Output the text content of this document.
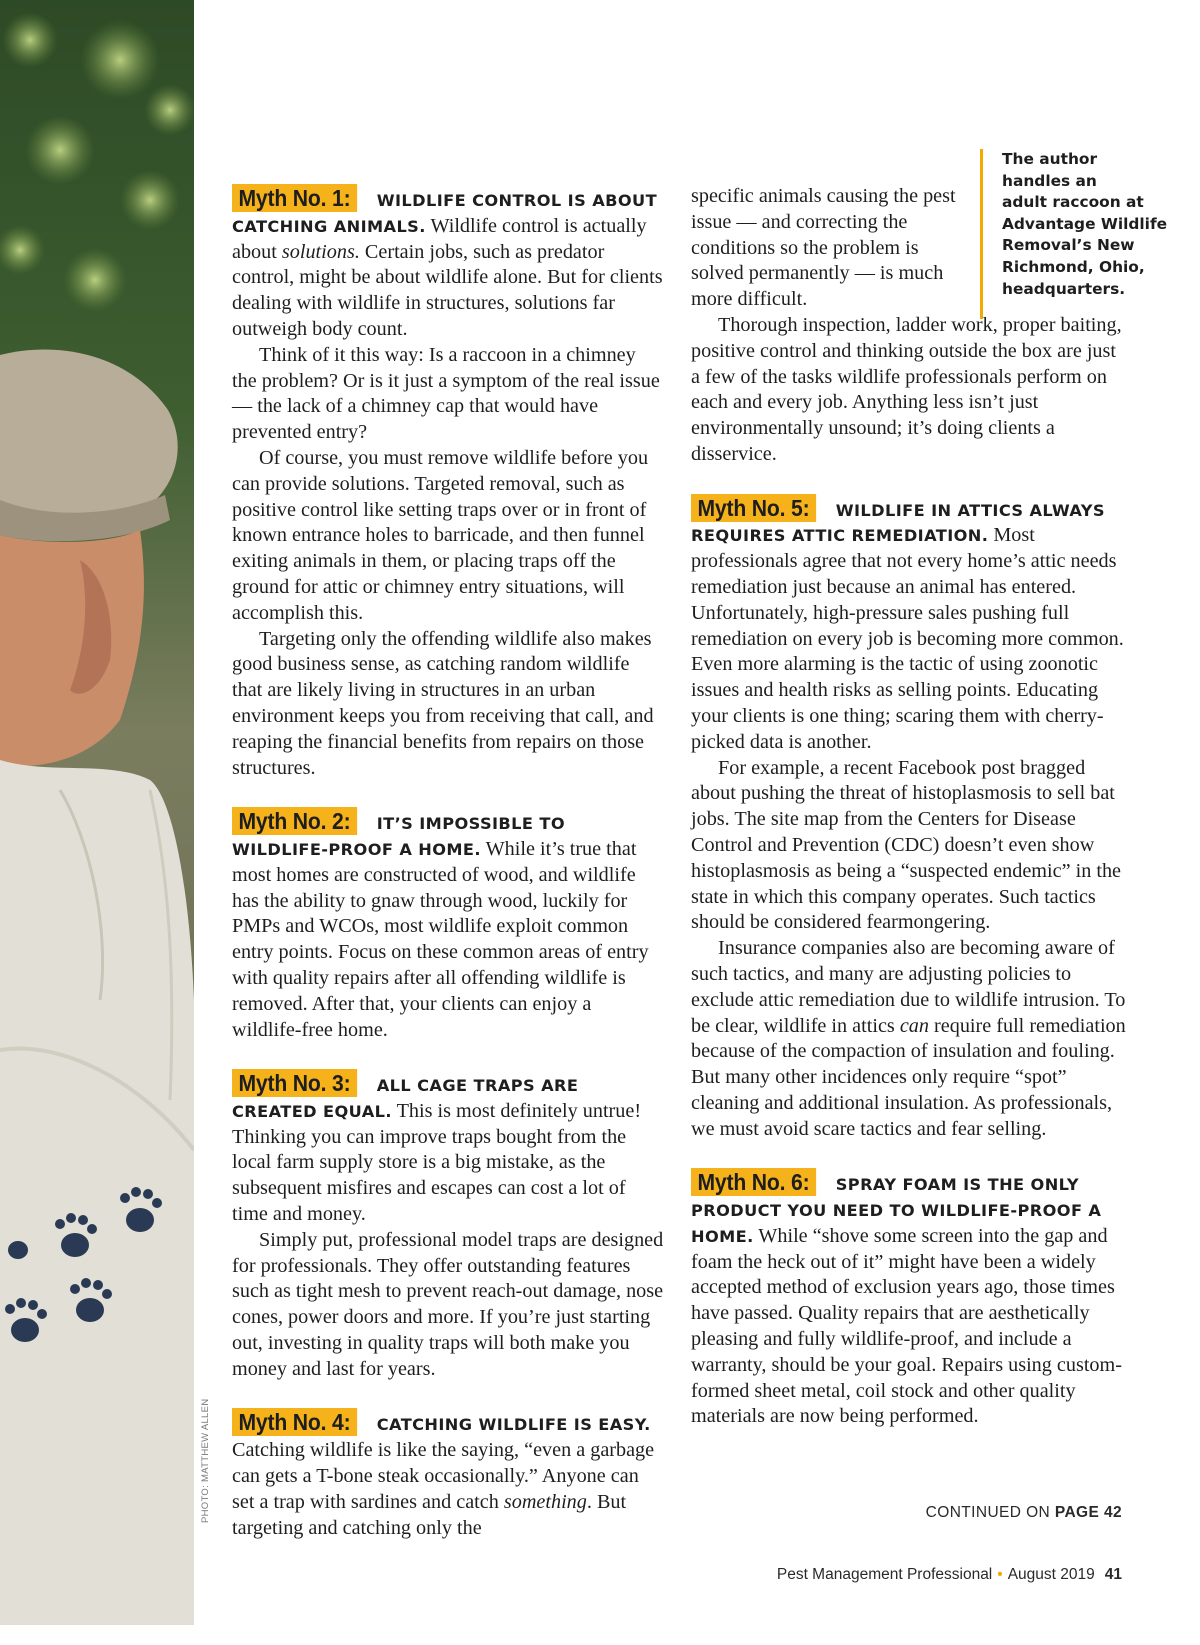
PHOTO: MATTHEW ALLEN

Myth No. 1: WILDLIFE CONTROL IS ABOUT CATCHING ANIMALS. Wildlife control is actually about solutions. Certain jobs, such as predator control, might be about wildlife alone. But for clients dealing with wildlife in structures, solutions far outweigh body count.

Think of it this way: Is a raccoon in a chimney the problem? Or is it just a symptom of the real issue — the lack of a chimney cap that would have prevented entry?

Of course, you must remove wildlife before you can provide solutions. Targeted removal, such as positive control like setting traps over or in front of known entrance holes to barricade, and then funnel exiting animals in them, or placing traps off the ground for attic or chimney entry situations, will accomplish this.

Targeting only the offending wildlife also makes good business sense, as catching random wildlife that are likely living in structures in an urban environment keeps you from receiving that call, and reaping the financial benefits from repairs on those structures.

Myth No. 2: IT’S IMPOSSIBLE TO WILDLIFE-PROOF A HOME. While it’s true that most homes are constructed of wood, and wildlife has the ability to gnaw through wood, luckily for PMPs and WCOs, most wildlife exploit common entry points. Focus on these common areas of entry with quality repairs after all offending wildlife is removed. After that, your clients can enjoy a wildlife-free home.

Myth No. 3: ALL CAGE TRAPS ARE CREATED EQUAL. This is most definitely untrue! Thinking you can improve traps bought from the local farm supply store is a big mistake, as the subsequent misfires and escapes can cost a lot of time and money.

Simply put, professional model traps are designed for professionals. They offer outstanding features such as tight mesh to prevent reach-out damage, nose cones, power doors and more. If you’re just starting out, investing in quality traps will both make you money and last for years.

Myth No. 4: CATCHING WILDLIFE IS EASY. Catching wildlife is like the saying, “even a garbage can gets a T-bone steak occasionally.” Anyone can set a trap with sardines and catch something. But targeting and catching only the

specific animals causing the pest issue — and correcting the conditions so the problem is solved permanently — is much more difficult.

Thorough inspection, ladder work, proper baiting, positive control and thinking outside the box are just a few of the tasks wildlife professionals perform on each and every job. Anything less isn’t just environmentally unsound; it’s doing clients a disservice.

Myth No. 5: WILDLIFE IN ATTICS ALWAYS REQUIRES ATTIC REMEDIATION. Most professionals agree that not every home’s attic needs remediation just because an animal has entered. Unfortunately, high-pressure sales pushing full remediation on every job is becoming more common. Even more alarming is the tactic of using zoonotic issues and health risks as selling points. Educating your clients is one thing; scaring them with cherry-picked data is another.

For example, a recent Facebook post bragged about pushing the threat of histoplasmosis to sell bat jobs. The site map from the Centers for Disease Control and Prevention (CDC) doesn’t even show histoplasmosis as being a “suspected endemic” in the state in which this company operates. Such tactics should be considered fearmongering.

Insurance companies also are becoming aware of such tactics, and many are adjusting policies to exclude attic remediation due to wildlife intrusion. To be clear, wildlife in attics can require full remediation because of the compaction of insulation and fouling. But many other incidences only require “spot” cleaning and additional insulation. As professionals, we must avoid scare tactics and fear selling.

Myth No. 6: SPRAY FOAM IS THE ONLY PRODUCT YOU NEED TO WILDLIFE-PROOF A HOME. While “shove some screen into the gap and foam the heck out of it” might have been a widely accepted method of exclusion years ago, those times have passed. Quality repairs that are aesthetically pleasing and fully wildlife-proof, and include a warranty, should be your goal. Repairs using custom-formed sheet metal, coil stock and other quality materials are now being performed.

The author
handles an
adult raccoon at
Advantage Wildlife
Removal’s New
Richmond, Ohio,
headquarters.
CONTINUED ON PAGE 42
Pest Management Professional • August 2019 41
